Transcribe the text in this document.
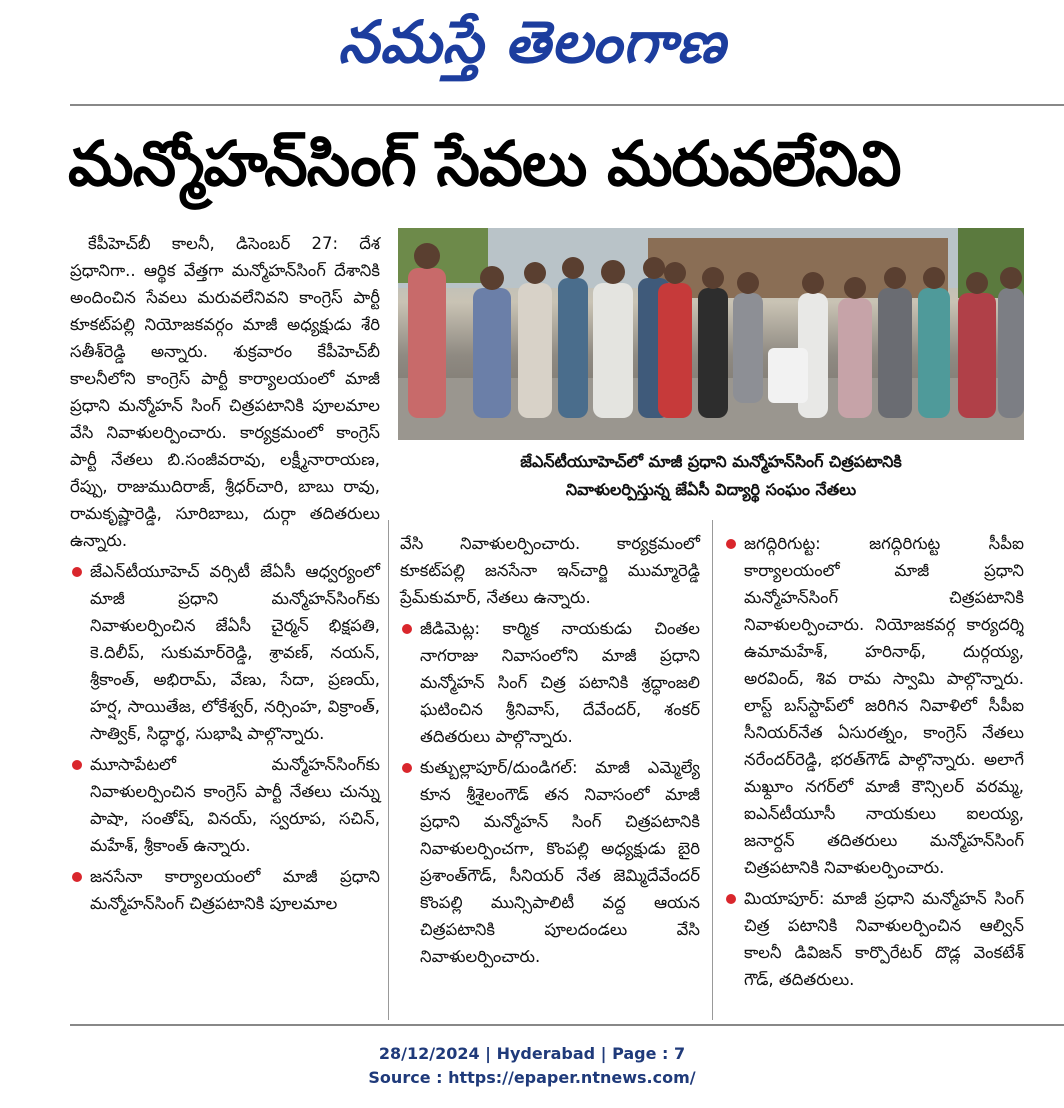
నమస్తే తెలంగాణ
మన్మోహన్‌సింగ్ సేవలు మరువలేనివి
జేఎన్‌టీయూహెచ్‌లో మాజీ ప్రధాని మన్మోహన్‌సింగ్ చిత్రపటానికి
నివాళులర్పిస్తున్న జేఏసీ విద్యార్థి సంఘం నేతలు

కేపీహెచ్‌బీ కాలనీ, డిసెంబర్ 27: దేశ ప్రధానిగా.. ఆర్థిక వేత్తగా మన్మోహన్‌సింగ్ దేశానికి అందించిన సేవలు మరువలేనివని కాంగ్రెస్ పార్టీ కూకట్‌పల్లి నియోజకవర్గం మాజీ అధ్యక్షుడు శేరి సతీశ్‌రెడ్డి అన్నారు. శుక్రవారం కేపీహెచ్‌బీ కాలనీలోని కాంగ్రెస్ పార్టీ కార్యాలయంలో మాజీ ప్రధాని మన్మోహన్ సింగ్ చిత్రపటానికి పూలమాల వేసి నివాళులర్పించారు. కార్యక్రమంలో కాంగ్రెస్ పార్టీ నేతలు బి.సంజీవరావు, లక్ష్మీనారాయణ, రేప్పు, రాజుముదిరాజ్, శ్రీధర్‌చారి, బాబు రావు, రామకృష్ణారెడ్డి, సూరిబాబు, దుర్గా తదితరులు ఉన్నారు.

జేఎన్‌టీయూహెచ్ వర్సిటీ జేఏసీ ఆధ్వర్యంలో మాజీ ప్రధాని మన్మోహన్‌సింగ్‌కు నివాళులర్పించిన జేఏసీ చైర్మన్ భిక్షపతి, కె.దిలీప్, సుకుమార్‌రెడ్డి, శ్రావణ్, నయన్, శ్రీకాంత్, అభిరామ్, వేణు, సేదా, ప్రణయ్, హర్ష, సాయితేజ, లోకేశ్వర్, నర్సింహ, విక్రాంత్, సాత్విక్, సిద్ధార్థ, సుభాషి పాల్గొన్నారు.

మూసాపేటలో మన్మోహన్‌సింగ్‌కు నివాళులర్పించిన కాంగ్రెస్ పార్టీ నేతలు చున్ను పాషా, సంతోష్, వినయ్, స్వరూప, సచిన్, మహేశ్, శ్రీకాంత్ ఉన్నారు.

జనసేనా కార్యాలయంలో మాజీ ప్రధాని మన్మోహన్‌సింగ్ చిత్రపటానికి పూలమాల

వేసి నివాళులర్పించారు. కార్యక్రమంలో కూకట్‌పల్లి జనసేనా ఇన్‌చార్జి ముమ్మారెడ్డి ప్రేమ్‌కుమార్, నేతలు ఉన్నారు.

జీడిమెట్ల: కార్మిక నాయకుడు చింతల నాగరాజు నివాసంలోని మాజీ ప్రధాని మన్మోహన్ సింగ్ చిత్ర పటానికి శ్రద్ధాంజలి ఘటించిన శ్రీనివాస్, దేవేందర్, శంకర్ తదితరులు పాల్గొన్నారు.

కుత్బుల్లాపూర్/దుండిగల్: మాజీ ఎమ్మెల్యే కూన శ్రీశైలంగౌడ్ తన నివాసంలో మాజీ ప్రధాని మన్మోహన్ సింగ్ చిత్రపటానికి నివాళులర్పించగా, కొంపల్లి అధ్యక్షుడు బైరి ప్రశాంత్‌గౌడ్, సీనియర్ నేత జెమ్మిదేవేందర్ కొంపల్లి మున్సిపాలిటీ వద్ద ఆయన చిత్రపటానికి పూలదండలు వేసి నివాళులర్పించారు.

జగద్గిరిగుట్ట: జగద్గిరిగుట్ట సీపీఐ కార్యాలయంలో మాజీ ప్రధాని మన్మోహన్‌సింగ్ చిత్రపటానికి నివాళులర్పించారు. నియోజకవర్గ కార్యదర్శి ఉమామహేశ్, హరినాథ్, దుర్గయ్య, అరవింద్, శివ రామ స్వామి పాల్గొన్నారు. లాస్ట్ బస్‌స్టాప్‌లో జరిగిన నివాళిలో సీపీఐ సీనియర్‌నేత ఏసురత్నం, కాంగ్రెస్ నేతలు నరేందర్‌రెడ్డి, భరత్‌గౌడ్ పాల్గొన్నారు. అలాగే మఖ్దూం నగర్‌లో మాజీ కౌన్సిలర్ వరమ్మ, ఐఎన్‌టీయూసీ నాయకులు ఐలయ్య, జనార్దన్ తదితరులు మన్మోహన్‌సింగ్ చిత్రపటానికి నివాళులర్పించారు.

మియాపూర్: మాజీ ప్రధాని మన్మోహన్ సింగ్ చిత్ర పటానికి నివాళులర్పించిన ఆల్విన్ కాలనీ డివిజన్ కార్పొరేటర్ దొడ్ల వెంకటేశ్ గౌడ్, తదితరులు.

28/12/2024 | Hyderabad | Page : 7
Source : https://epaper.ntnews.com/
